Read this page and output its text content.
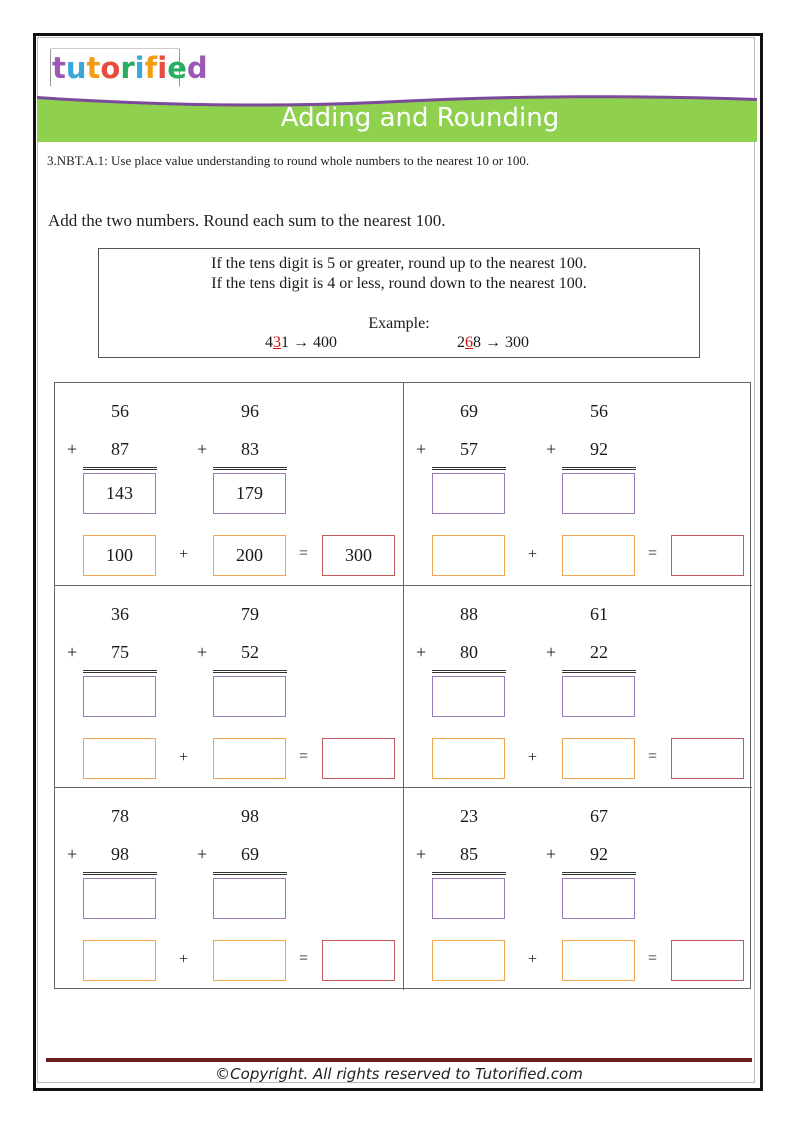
tutorified
Adding and Rounding
3.NBT.A.1: Use place value understanding to round whole numbers to the nearest 10 or 100.
Add the two numbers. Round each sum to the nearest 100.
If the tens digit is 5 or greater, round up to the nearest 100.
If the tens digit is 4 or less, round down to the nearest 100.
Example:
431 → 400	268 → 300
56
+	87
143
100
96
+	83
179
200
+	=	300
69
+	57
56
+	92
+	=
36
+	75
79
+	52
+	=
88
+	80
61
+	22
+	=
78
+	98
98
+	69
+	=
23
+	85
67
+	92
+	=
©Copyright. All rights reserved to Tutorified.com
